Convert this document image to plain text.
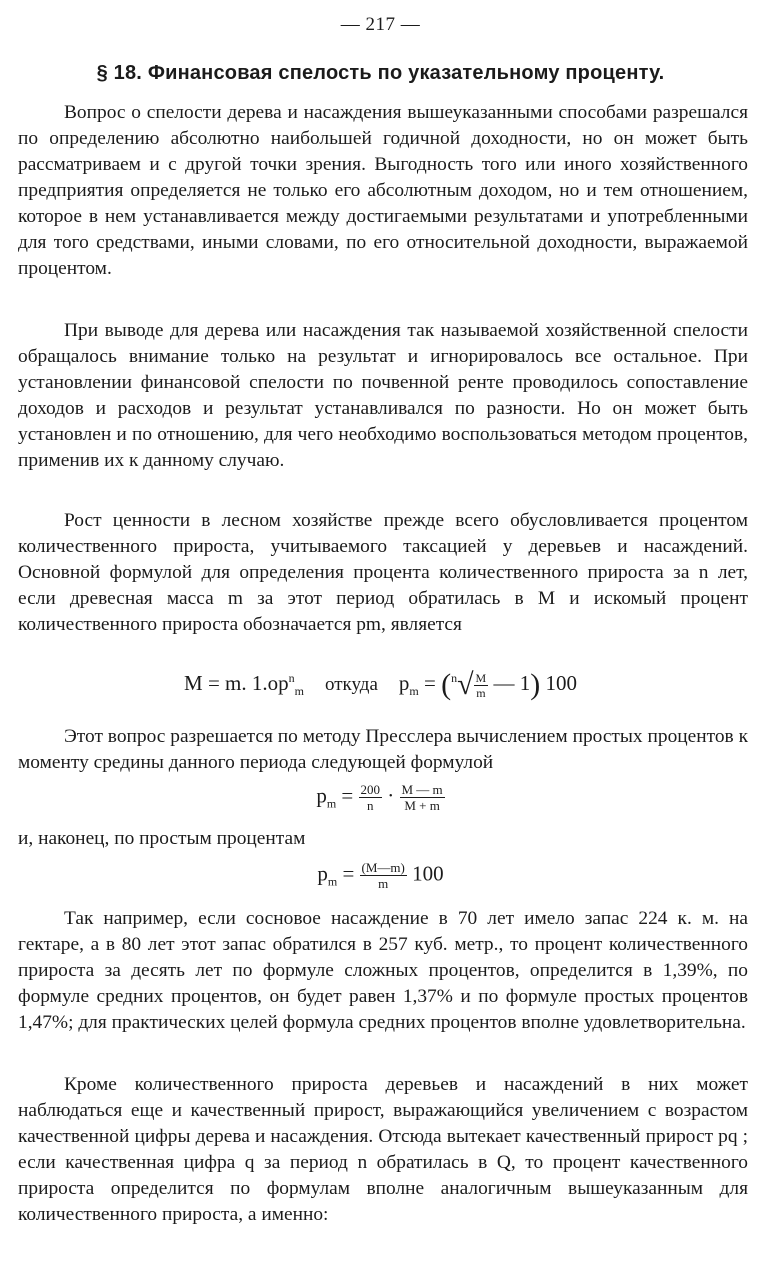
— 217 —
§ 18. Финансовая спелость по указательному проценту.

Вопрос о спелости дерева и насаждения вышеуказанными способами разрешался по определению абсолютно наибольшей годичной доходности, но он может быть рассматриваем и с другой точки зрения. Выгодность того или иного хозяйственного предприятия определяется не только его абсолютным доходом, но и тем отношением, которое в нем устанавливается между достигаемыми результатами и употребленными для того средствами, иными словами, по его относительной доходности, выражаемой процентом.

При выводе для дерева или насаждения так называемой хозяйственной спелости обращалось внимание только на результат и игнорировалось все остальное. При установлении финансовой спелости по почвенной ренте проводилось сопоставление доходов и расходов и результат устанавливался по разности. Но он может быть установлен и по отношению, для чего необходимо воспользоваться методом процентов, применив их к данному случаю.

Рост ценности в лесном хозяйстве прежде всего обусловливается процентом количественного прироста, учитываемого таксацией у деревьев и насаждений. Основной формулой для определения процента количественного прироста за n лет, если древесная масса m за этот период обратилась в M и искомый процент количественного прироста обозначается pm, является

M = m. $1.op^n_m$ откуда $p_m = (^n√ \frac{M}{m}$ — 1) 100

Этот вопрос разрешается по методу Пресслера вычислением простых процентов к моменту средины данного периода следующей формулой

$p_m = \frac{200}{n} \cdot \frac{M — m}{M + m}$

и, наконец, по простым процентам

$p_m = \frac{(M—m)}{m} 100$

Так например, если сосновое насаждение в 70 лет имело запас 224 к. м. на гектаре, а в 80 лет этот запас обратился в 257 куб. метр., то процент количественного прироста за десять лет по формуле сложных процентов, определится в 1,39%, по формуле средних процентов, он будет равен 1,37% и по формуле простых процентов 1,47%; для практических целей формула средних процентов вполне удовлетворительна.

Кроме количественного прироста деревьев и насаждений в них может наблюдаться еще и качественный прирост, выражающийся увеличением с возрастом качественной цифры дерева и насаждения. Отсюда вытекает качественный прирост pq ; если качественная цифра q за период n обратилась в Q, то процент качественного прироста определится по формулам вполне аналогичным вышеуказанным для количественного прироста, а именно:
